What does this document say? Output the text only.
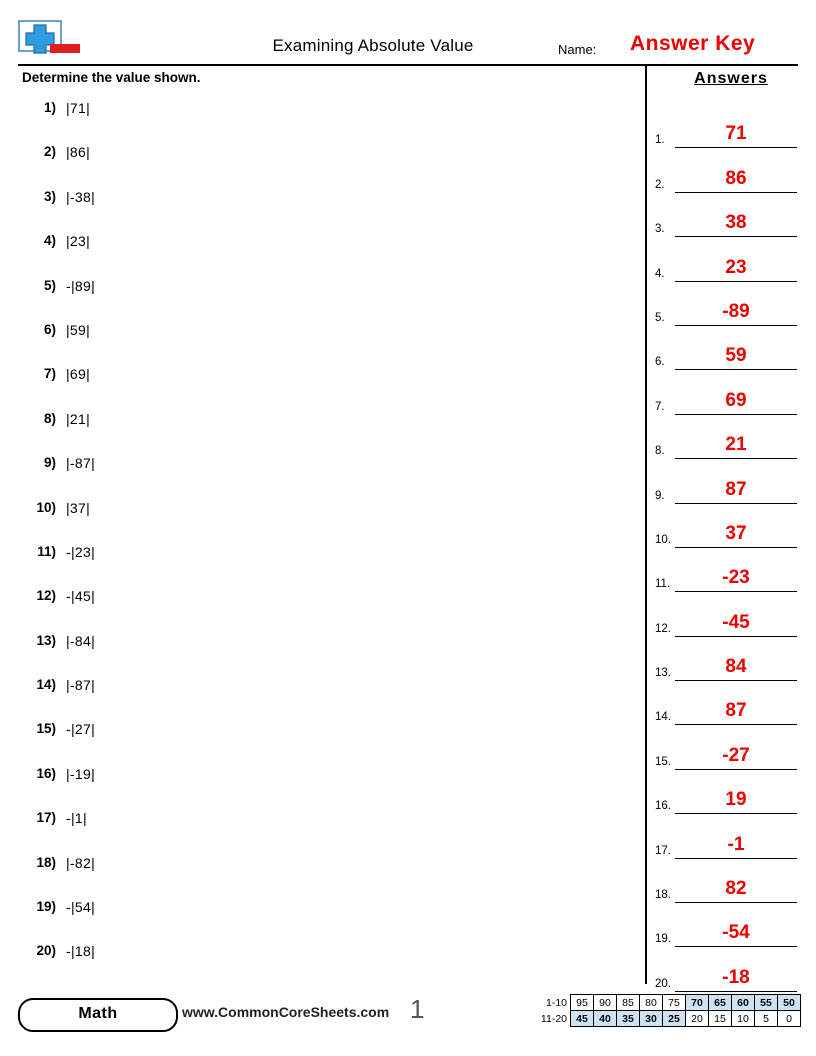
Examining Absolute Value	Name: Answer Key
Determine the value shown.
1) |71|
2) |86|
3) |-38|
4) |23|
5) -|89|
6) |59|
7) |69|
8) |21|
9) |-87|
10) |37|
11) -|23|
12) -|45|
13) |-84|
14) |-87|
15) -|27|
16) |-19|
17) -|1|
18) |-82|
19) -|54|
20) -|18|
Answers
1.	71
2.	86
3.	38
4.	23
5.	-89
6.	59
7.	69
8.	21
9.	87
10.	37
11.	-23
12.	-45
13.	84
14.	87
15.	-27
16.	19
17.	-1
18.	82
19.	-54
20.	-18
Math	www.CommonCoreSheets.com 1	1-10	95	90	85	80	75	70	65	60	55	50
11-20	45	40	35	30	25	20	15	10	5	0
